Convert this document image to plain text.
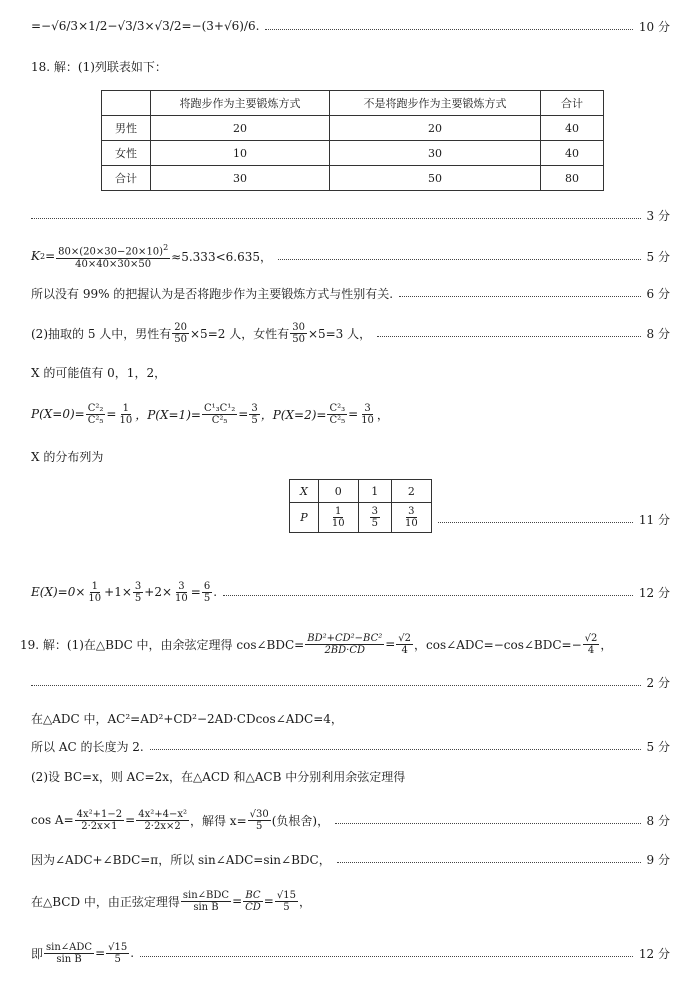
=−√6/3×1/2−√3/3×√3/2=−(3+√6)/6.	10 分
18. 解：(1)列联表如下：
	将跑步作为主要锻炼方式	不是将跑步作为主要锻炼方式	合计
男性	20	20	40
女性	10	30	40
合计	30	50	80
3 分
K $2 = \frac{80\times(20\times 30-20\times 10)^2}{40\times 40\times 30\times 50} \approx 5.333<6.635$，	5 分
所以没有 99% 的把握认为是否将跑步作为主要锻炼方式与性别有关.	6 分
(2)抽取的 5 人中，男性有 $\frac{20}{50} \times 5=2$ 人，女性有 $\frac{30}{50} \times 5=3$ 人，	8 分
X 的可能值有 0，1，2，
$P(X=0)= \frac{\text{C²₂}}{\text{C²₅}} = \frac{1}{10}$ ，$P(X=1)= \frac{\text{C¹₃C¹₂}}{\text{C²₅}} = \frac{3}{5}$ ，$P(X=2)= \frac{\text{C²₃}}{\text{C²₅}} = \frac{3}{10}$ ，
X 的分布列为
X	0	1	2
P	$\frac{1}{10}$	$\frac{3}{5}$	$\frac{3}{10}$	11 分
$E(X)=0\times \frac{1}{10} +1\times \frac{3}{5} +2\times \frac{3}{10} = \frac{6}{5}$ .	12 分
19. 解：(1)在△BDC 中，由余弦定理得 cos∠BDC= $\frac{\text{BD²+CD²−BC²}}{2BD\cdot CD} = \frac{√2}{4}$ ，cos∠ADC=−cos∠BDC=− $\frac{√2}{4}$ ，
2 分
在△ADC 中，AC²=AD²+CD²−2AD·CDcos∠ADC=4，
所以 AC 的长度为 2.	5 分
(2)设 BC=x，则 AC=2x，在△ACD 和△ACB 中分别利用余弦定理得
$\cos A= \frac{\text{4x²+1−2}}{2\cdot 2x\times 1} = \frac{\text{4x²+4−x²}}{2\cdot 2x\times 2}$ ，解得 $x= \frac{√30}{5}$ (负根舍)，	8 分
因为∠ADC+∠BDC=π，所以 sin∠ADC=sin∠BDC，	9 分
在△BCD 中，由正弦定理得 $\frac{\text{sin∠BDC}}{\text{sin B}} = \frac{BC}{CD} = \frac{√15}{5}$ ，
即 $\frac{\text{sin∠ADC}}{\text{sin B}} = \frac{√15}{5}$ .	12 分
